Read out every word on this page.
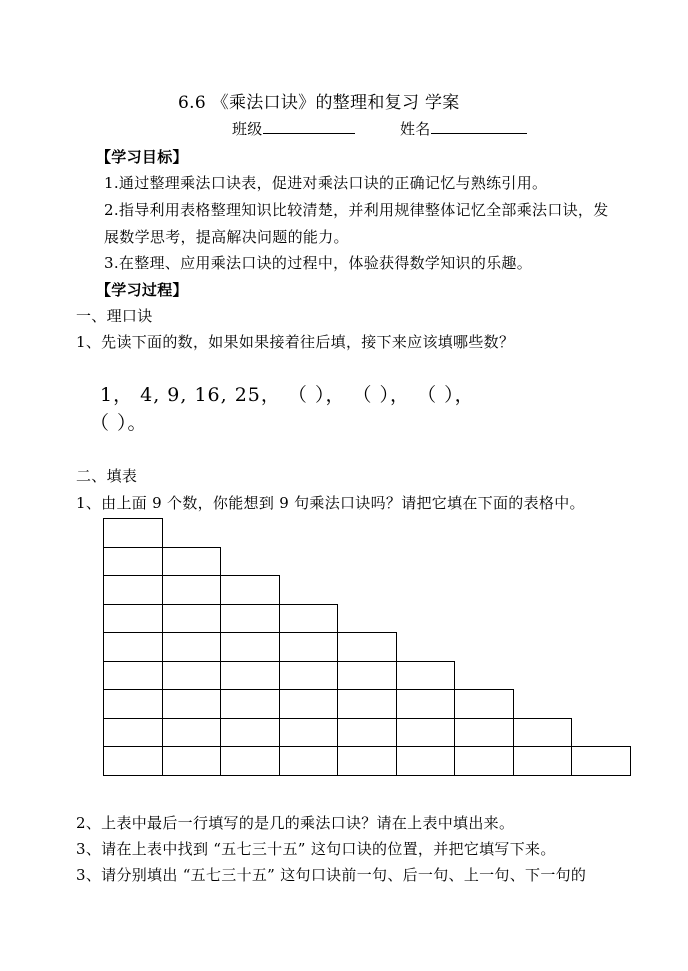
6.6 《乘法口诀》的整理和复习 学案
班级	姓名
【学习目标】
1.通过整理乘法口诀表，促进对乘法口诀的正确记忆与熟练引用。
2.指导利用表格整理知识比较清楚，并利用规律整体记忆全部乘法口诀，发
展数学思考，提高解决问题的能力。
3.在整理、应用乘法口诀的过程中，体验获得数学知识的乐趣。
【学习过程】
一、理口诀
1、先读下面的数，如果如果接着往后填，接下来应该填哪些数？
1， 4, 9, 16, 25， （ ）， （ ）， （ ），
（ ）。
二、填表
1、由上面 9 个数，你能想到 9 句乘法口诀吗？请把它填在下面的表格中。
2、上表中最后一行填写的是几的乘法口诀？请在上表中填出来。
3、请在上表中找到 “五七三十五” 这句口诀的位置，并把它填写下来。
3、请分别填出 “五七三十五” 这句口诀前一句、后一句、上一句、下一句的
